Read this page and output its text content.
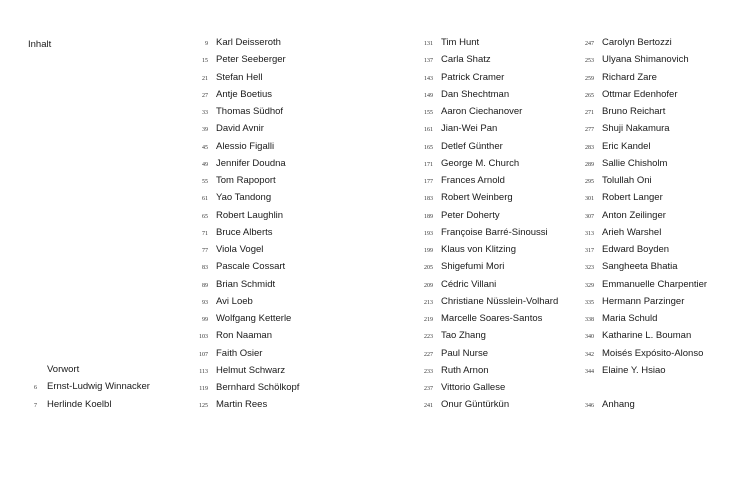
Inhalt
Vorwort
6 Ernst-Ludwig Winnacker
7 Herlinde Koelbl
9 Karl Deisseroth
15 Peter Seeberger
21 Stefan Hell
27 Antje Boetius
33 Thomas Südhof
39 David Avnir
45 Alessio Figalli
49 Jennifer Doudna
55 Tom Rapoport
61 Yao Tandong
65 Robert Laughlin
71 Bruce Alberts
77 Viola Vogel
83 Pascale Cossart
89 Brian Schmidt
93 Avi Loeb
99 Wolfgang Ketterle
103 Ron Naaman
107 Faith Osier
113 Helmut Schwarz
119 Bernhard Schölkopf
125 Martin Rees
131 Tim Hunt
137 Carla Shatz
143 Patrick Cramer
149 Dan Shechtman
155 Aaron Ciechanover
161 Jian-Wei Pan
165 Detlef Günther
171 George M. Church
177 Frances Arnold
183 Robert Weinberg
189 Peter Doherty
193 Françoise Barré-Sinoussi
199 Klaus von Klitzing
205 Shigefumi Mori
209 Cédric Villani
213 Christiane Nüsslein-Volhard
219 Marcelle Soares-Santos
223 Tao Zhang
227 Paul Nurse
233 Ruth Arnon
237 Vittorio Gallese
241 Onur Güntürkün
247 Carolyn Bertozzi
253 Ulyana Shimanovich
259 Richard Zare
265 Ottmar Edenhofer
271 Bruno Reichart
277 Shuji Nakamura
283 Eric Kandel
289 Sallie Chisholm
295 Tolullah Oni
301 Robert Langer
307 Anton Zeilinger
313 Arieh Warshel
317 Edward Boyden
323 Sangheeta Bhatia
329 Emmanuelle Charpentier
335 Hermann Parzinger
338 Maria Schuld
340 Katharine L. Bouman
342 Moisés Expósito-Alonso
344 Elaine Y. Hsiao
346 Anhang
